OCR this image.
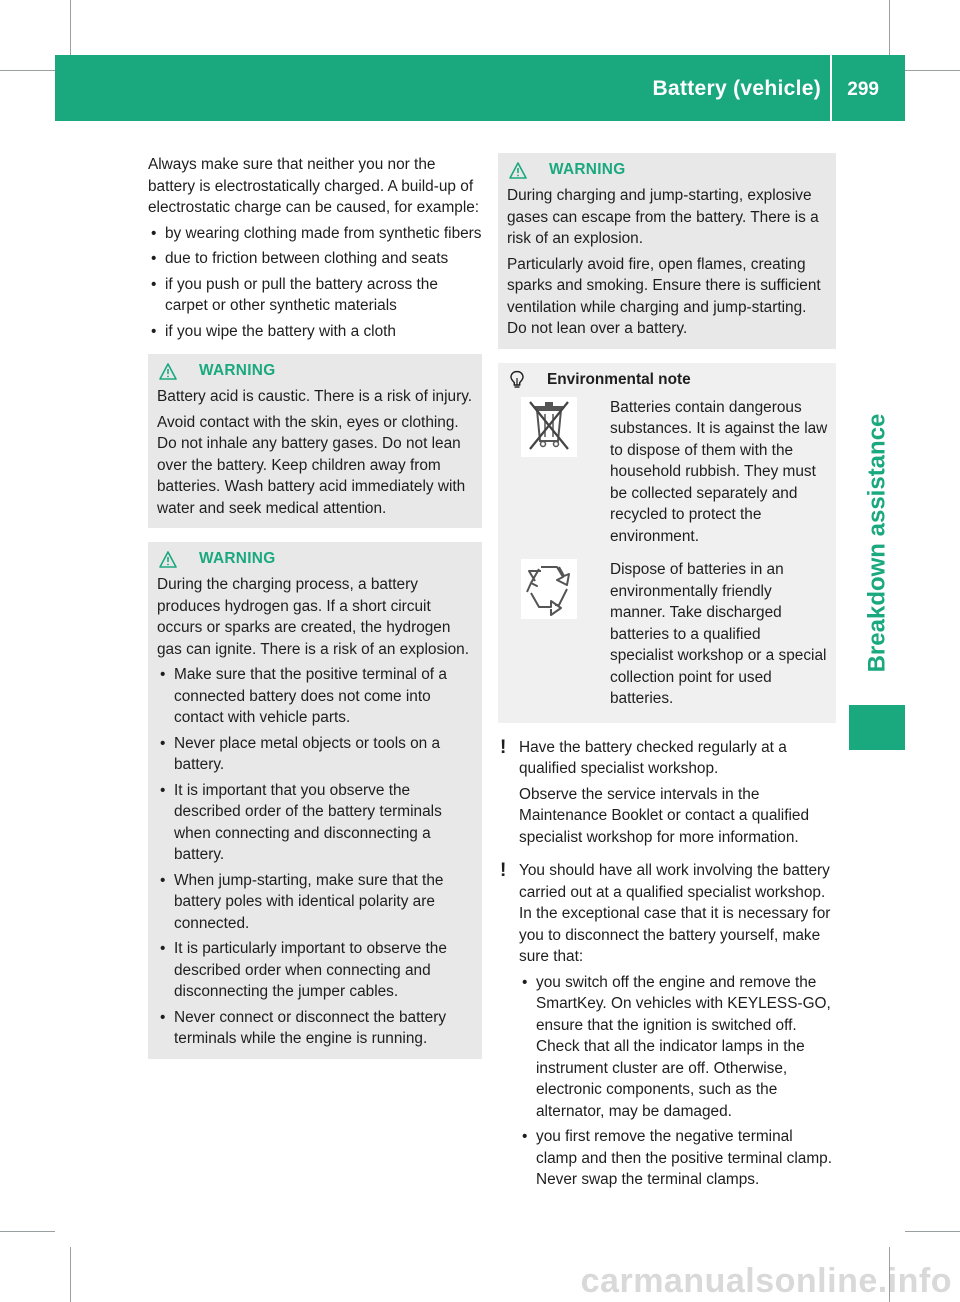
Battery (vehicle) 299
Breakdown assistance

Always make sure that neither you nor the battery is electrostatically charged. A build-up of electrostatic charge can be caused, for example:

• by wearing clothing made from synthetic fibers
• due to friction between clothing and seats
• if you push or pull the battery across the carpet or other synthetic materials
• if you wipe the battery with a cloth
WARNING

Battery acid is caustic. There is a risk of injury.

Avoid contact with the skin, eyes or clothing. Do not inhale any battery gases. Do not lean over the battery. Keep children away from batteries. Wash battery acid immediately with water and seek medical attention.

WARNING

During the charging process, a battery produces hydrogen gas. If a short circuit occurs or sparks are created, the hydrogen gas can ignite. There is a risk of an explosion.

• Make sure that the positive terminal of a connected battery does not come into contact with vehicle parts.
• Never place metal objects or tools on a battery.
• It is important that you observe the described order of the battery terminals when connecting and disconnecting a battery.
• When jump-starting, make sure that the battery poles with identical polarity are connected.
• It is particularly important to observe the described order when connecting and disconnecting the jumper cables.
• Never connect or disconnect the battery terminals while the engine is running.
WARNING

During charging and jump-starting, explosive gases can escape from the battery. There is a risk of an explosion.

Particularly avoid fire, open flames, creating sparks and smoking. Ensure there is sufficient ventilation while charging and jump-starting. Do not lean over a battery.

Environmental note

Batteries contain dangerous substances. It is against the law to dispose of them with the household rubbish. They must be collected separately and recycled to protect the environment.

Dispose of batteries in an environmentally friendly manner. Take discharged batteries to a qualified specialist workshop or a special collection point for used batteries.

! Have the battery checked regularly at a qualified specialist workshop.

Observe the service intervals in the Maintenance Booklet or contact a qualified specialist workshop for more information.

! You should have all work involving the battery carried out at a qualified specialist workshop. In the exceptional case that it is necessary for you to disconnect the battery yourself, make sure that:

• you switch off the engine and remove the SmartKey. On vehicles with KEYLESS-GO, ensure that the ignition is switched off. Check that all the indicator lamps in the instrument cluster are off. Otherwise, electronic components, such as the alternator, may be damaged.
• you first remove the negative terminal clamp and then the positive terminal clamp. Never swap the terminal clamps.
carmanualsonline.info
